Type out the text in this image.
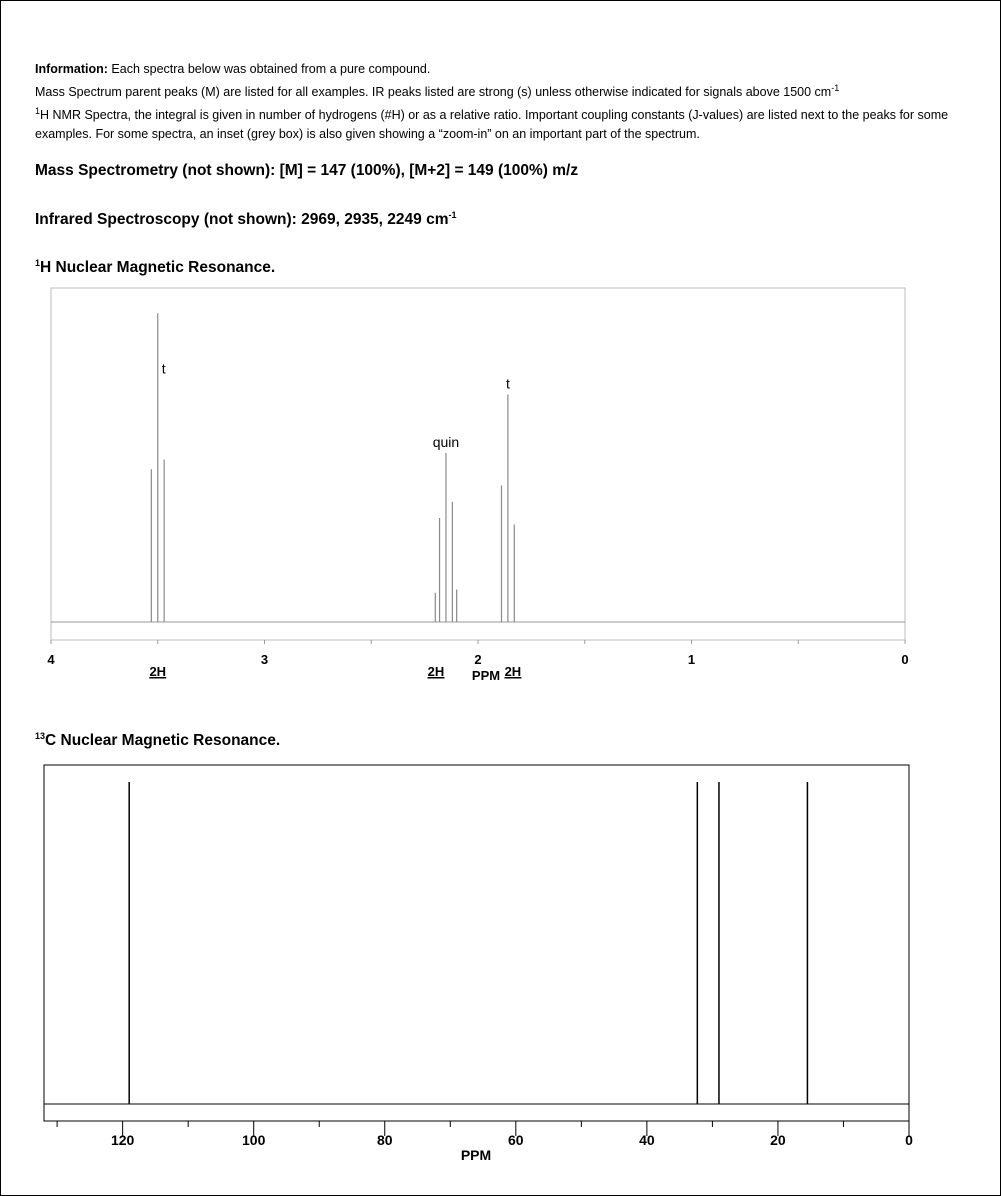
Information: Each spectra below was obtained from a pure compound.

Mass Spectrum parent peaks (M) are listed for all examples. IR peaks listed are strong (s) unless otherwise indicated for signals above 1500 $cm^{-1}$

$^1$H NMR Spectra, the integral is given in number of hydrogens (#H) or as a relative ratio. Important coupling constants (J-values) are listed next to the peaks for some examples. For some spectra, an inset (grey box) is also given showing a “zoom-in” on an important part of the spectrum.

Mass Spectrometry (not shown): [M] = 147 (100%), [M+2] = 149 (100%) m/z
Infrared Spectroscopy (not shown): 2969, 2935, 2249 $cm^{-1}$
$^1$H Nuclear Magnetic Resonance.
4	3	2	1	0
PPM
t
2H
quin
2H
t
2H
$^{13}$C Nuclear Magnetic Resonance.
120	100	80	60	40	20	0
PPM
